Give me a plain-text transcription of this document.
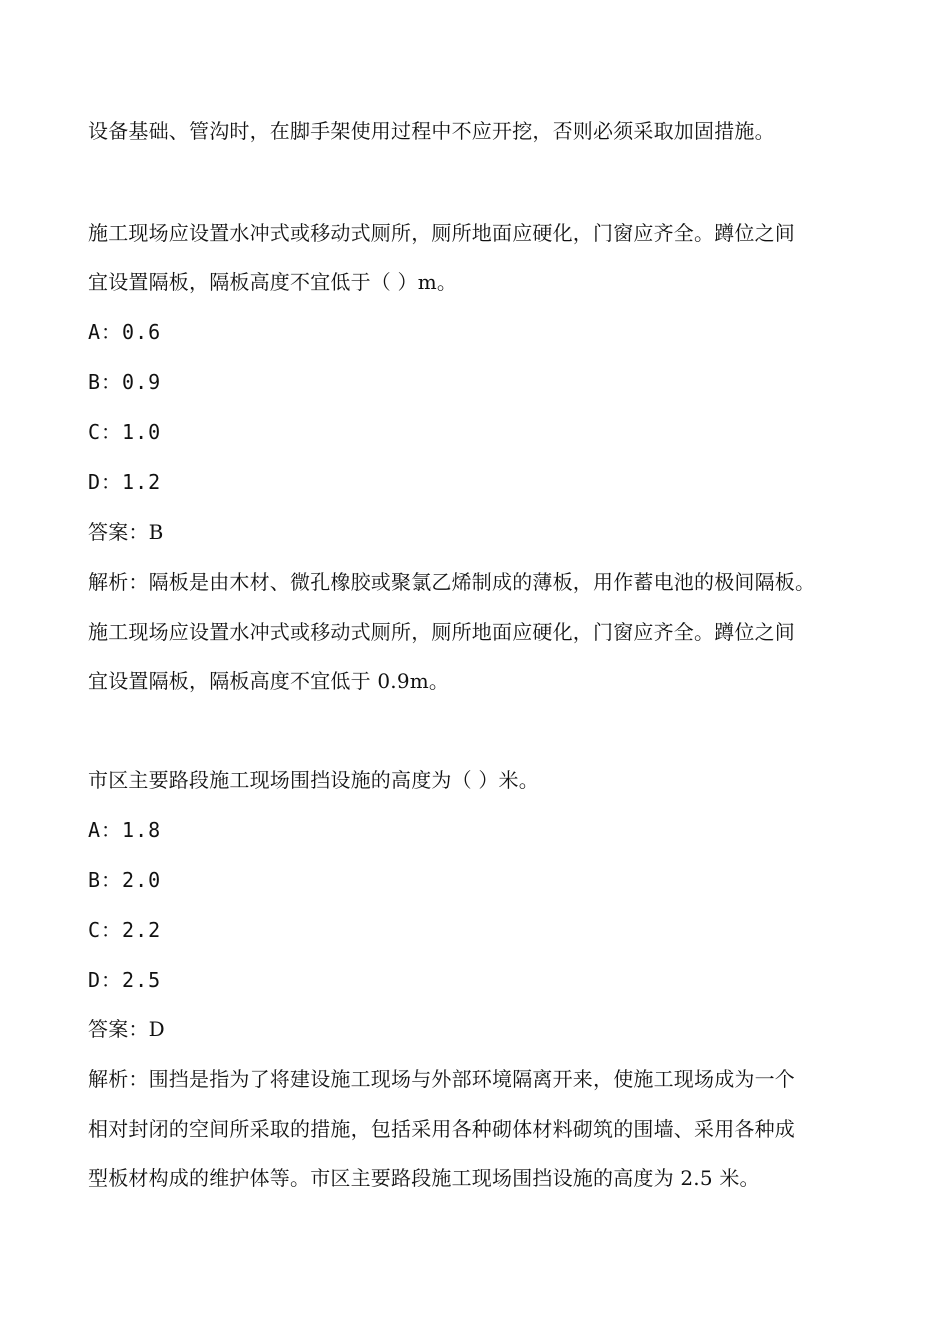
设备基础、管沟时，在脚手架使用过程中不应开挖，否则必须采取加固措施。
施工现场应设置水冲式或移动式厕所，厕所地面应硬化，门窗应齐全。蹲位之间
宜设置隔板，隔板高度不宜低于（ ）m。
A：0.6
B：0.9
C：1.0
D：1.2
答案：B
解析：隔板是由木材、微孔橡胶或聚氯乙烯制成的薄板，用作蓄电池的极间隔板。
施工现场应设置水冲式或移动式厕所，厕所地面应硬化，门窗应齐全。蹲位之间
宜设置隔板，隔板高度不宜低于 0.9m。
市区主要路段施工现场围挡设施的高度为（ ）米。
A：1.8
B：2.0
C：2.2
D：2.5
答案：D
解析：围挡是指为了将建设施工现场与外部环境隔离开来，使施工现场成为一个
相对封闭的空间所采取的措施，包括采用各种砌体材料砌筑的围墙、采用各种成
型板材构成的维护体等。市区主要路段施工现场围挡设施的高度为 2.5 米。
